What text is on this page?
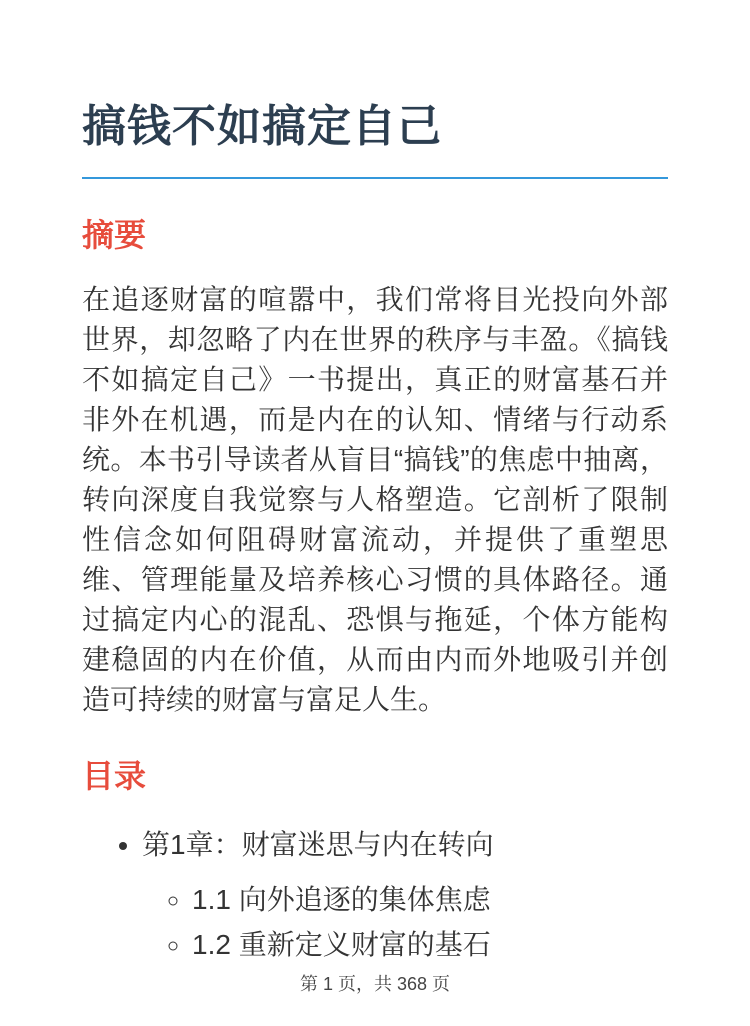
搞钱不如搞定自己
摘要

在追逐财富的喧嚣中，我们常将目光投向外部世界，却忽略了内在世界的秩序与丰盈。《搞钱不如搞定自己》一书提出，真正的财富基石并非外在机遇，而是内在的认知、情绪与行动系统。本书引导读者从盲目“搞钱”的焦虑中抽离，转向深度自我觉察与人格塑造。它剖析了限制性信念如何阻碍财富流动，并提供了重塑思维、管理能量及培养核心习惯的具体路径。通过搞定内心的混乱、恐惧与拖延，个体方能构建稳固的内在价值，从而由内而外地吸引并创造可持续的财富与富足人生。

目录
• 第1章：财富迷思与内在转向
◦ 1.1 向外追逐的集体焦虑
◦ 1.2 重新定义财富的基石
第 1 页，共 368 页
